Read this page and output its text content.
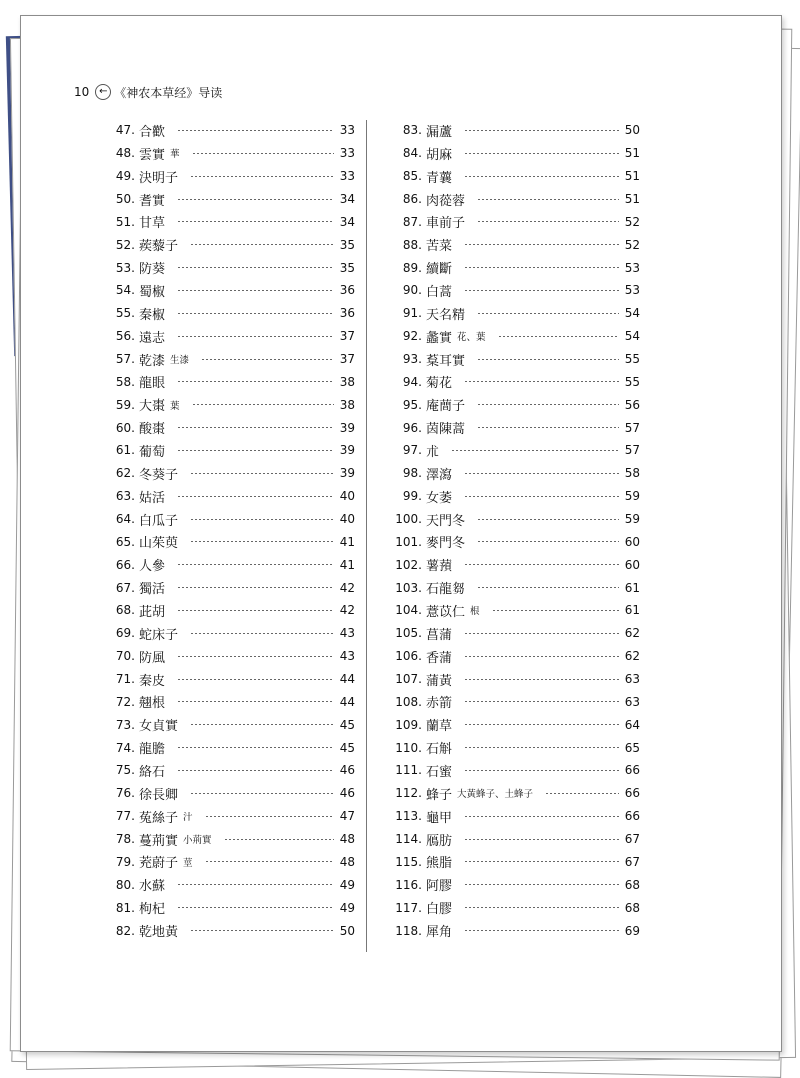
10 ← 《神农本草经》导读
47. 合歡	33
48. 雲實 華	33
49. 決明子	33
50. 耆實	34
51. 甘草	34
52. 蒺藜子	35
53. 防葵	35
54. 蜀椒	36
55. 秦椒	36
56. 遠志	37
57. 乾漆 生漆	37
58. 龍眼	38
59. 大棗 葉	38
60. 酸棗	39
61. 葡萄	39
62. 冬葵子	39
63. 姑活	40
64. 白瓜子	40
65. 山茱萸	41
66. 人參	41
67. 獨活	42
68. 茈胡	42
69. 蛇床子	43
70. 防風	43
71. 秦皮	44
72. 翹根	44
73. 女貞實	45
74. 龍膽	45
75. 絡石	46
76. 徐長卿	46
77. 菟絲子 汁	47
78. 蔓荊實 小荊實	48
79. 茺蔚子 莖	48
80. 水蘇	49
81. 枸杞	49
82. 乾地黃	50
83. 漏蘆	50
84. 胡麻	51
85. 青蘘	51
86. 肉蓯蓉	51
87. 車前子	52
88. 苦菜	52
89. 續斷	53
90. 白蒿	53
91. 天名精	54
92. 蠡實 花、葉	54
93. 葈耳實	55
94. 菊花	55
95. 庵蕳子	56
96. 茵陳蒿	57
97. 朮	57
98. 澤瀉	58
99. 女萎	59
100. 天門冬	59
101. 麥門冬	60
102. 薯蕷	60
103. 石龍芻	61
104. 薏苡仁 根	61
105. 菖蒲	62
106. 香蒲	62
107. 蒲黃	63
108. 赤箭	63
109. 蘭草	64
110. 石斛	65
111. 石蜜	66
112. 蜂子 大黃蜂子、土蜂子	66
113. 龜甲	66
114. 鴈肪	67
115. 熊脂	67
116. 阿膠	68
117. 白膠	68
118. 犀角	69
